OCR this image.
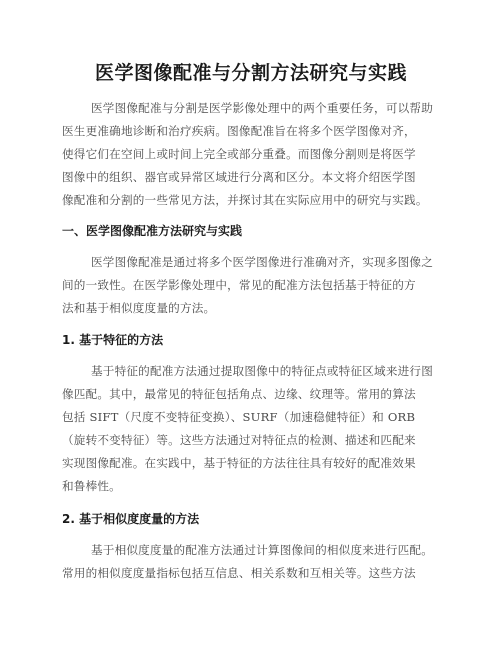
医学图像配准与分割方法研究与实践
医学图像配准与分割是医学影像处理中的两个重要任务，可以帮助
医生更准确地诊断和治疗疾病。图像配准旨在将多个医学图像对齐，
使得它们在空间上或时间上完全或部分重叠。而图像分割则是将医学
图像中的组织、器官或异常区域进行分离和区分。本文将介绍医学图
像配准和分割的一些常见方法，并探讨其在实际应用中的研究与实践。
一、医学图像配准方法研究与实践
医学图像配准是通过将多个医学图像进行准确对齐，实现多图像之
间的一致性。在医学影像处理中，常见的配准方法包括基于特征的方
法和基于相似度度量的方法。
1. 基于特征的方法
基于特征的配准方法通过提取图像中的特征点或特征区域来进行图
像匹配。其中，最常见的特征包括角点、边缘、纹理等。常用的算法
包括 SIFT（尺度不变特征变换）、SURF（加速稳健特征）和 ORB
（旋转不变特征）等。这些方法通过对特征点的检测、描述和匹配来
实现图像配准。在实践中，基于特征的方法往往具有较好的配准效果
和鲁棒性。
2. 基于相似度度量的方法
基于相似度度量的配准方法通过计算图像间的相似度来进行匹配。
常用的相似度度量指标包括互信息、相关系数和互相关等。这些方法
